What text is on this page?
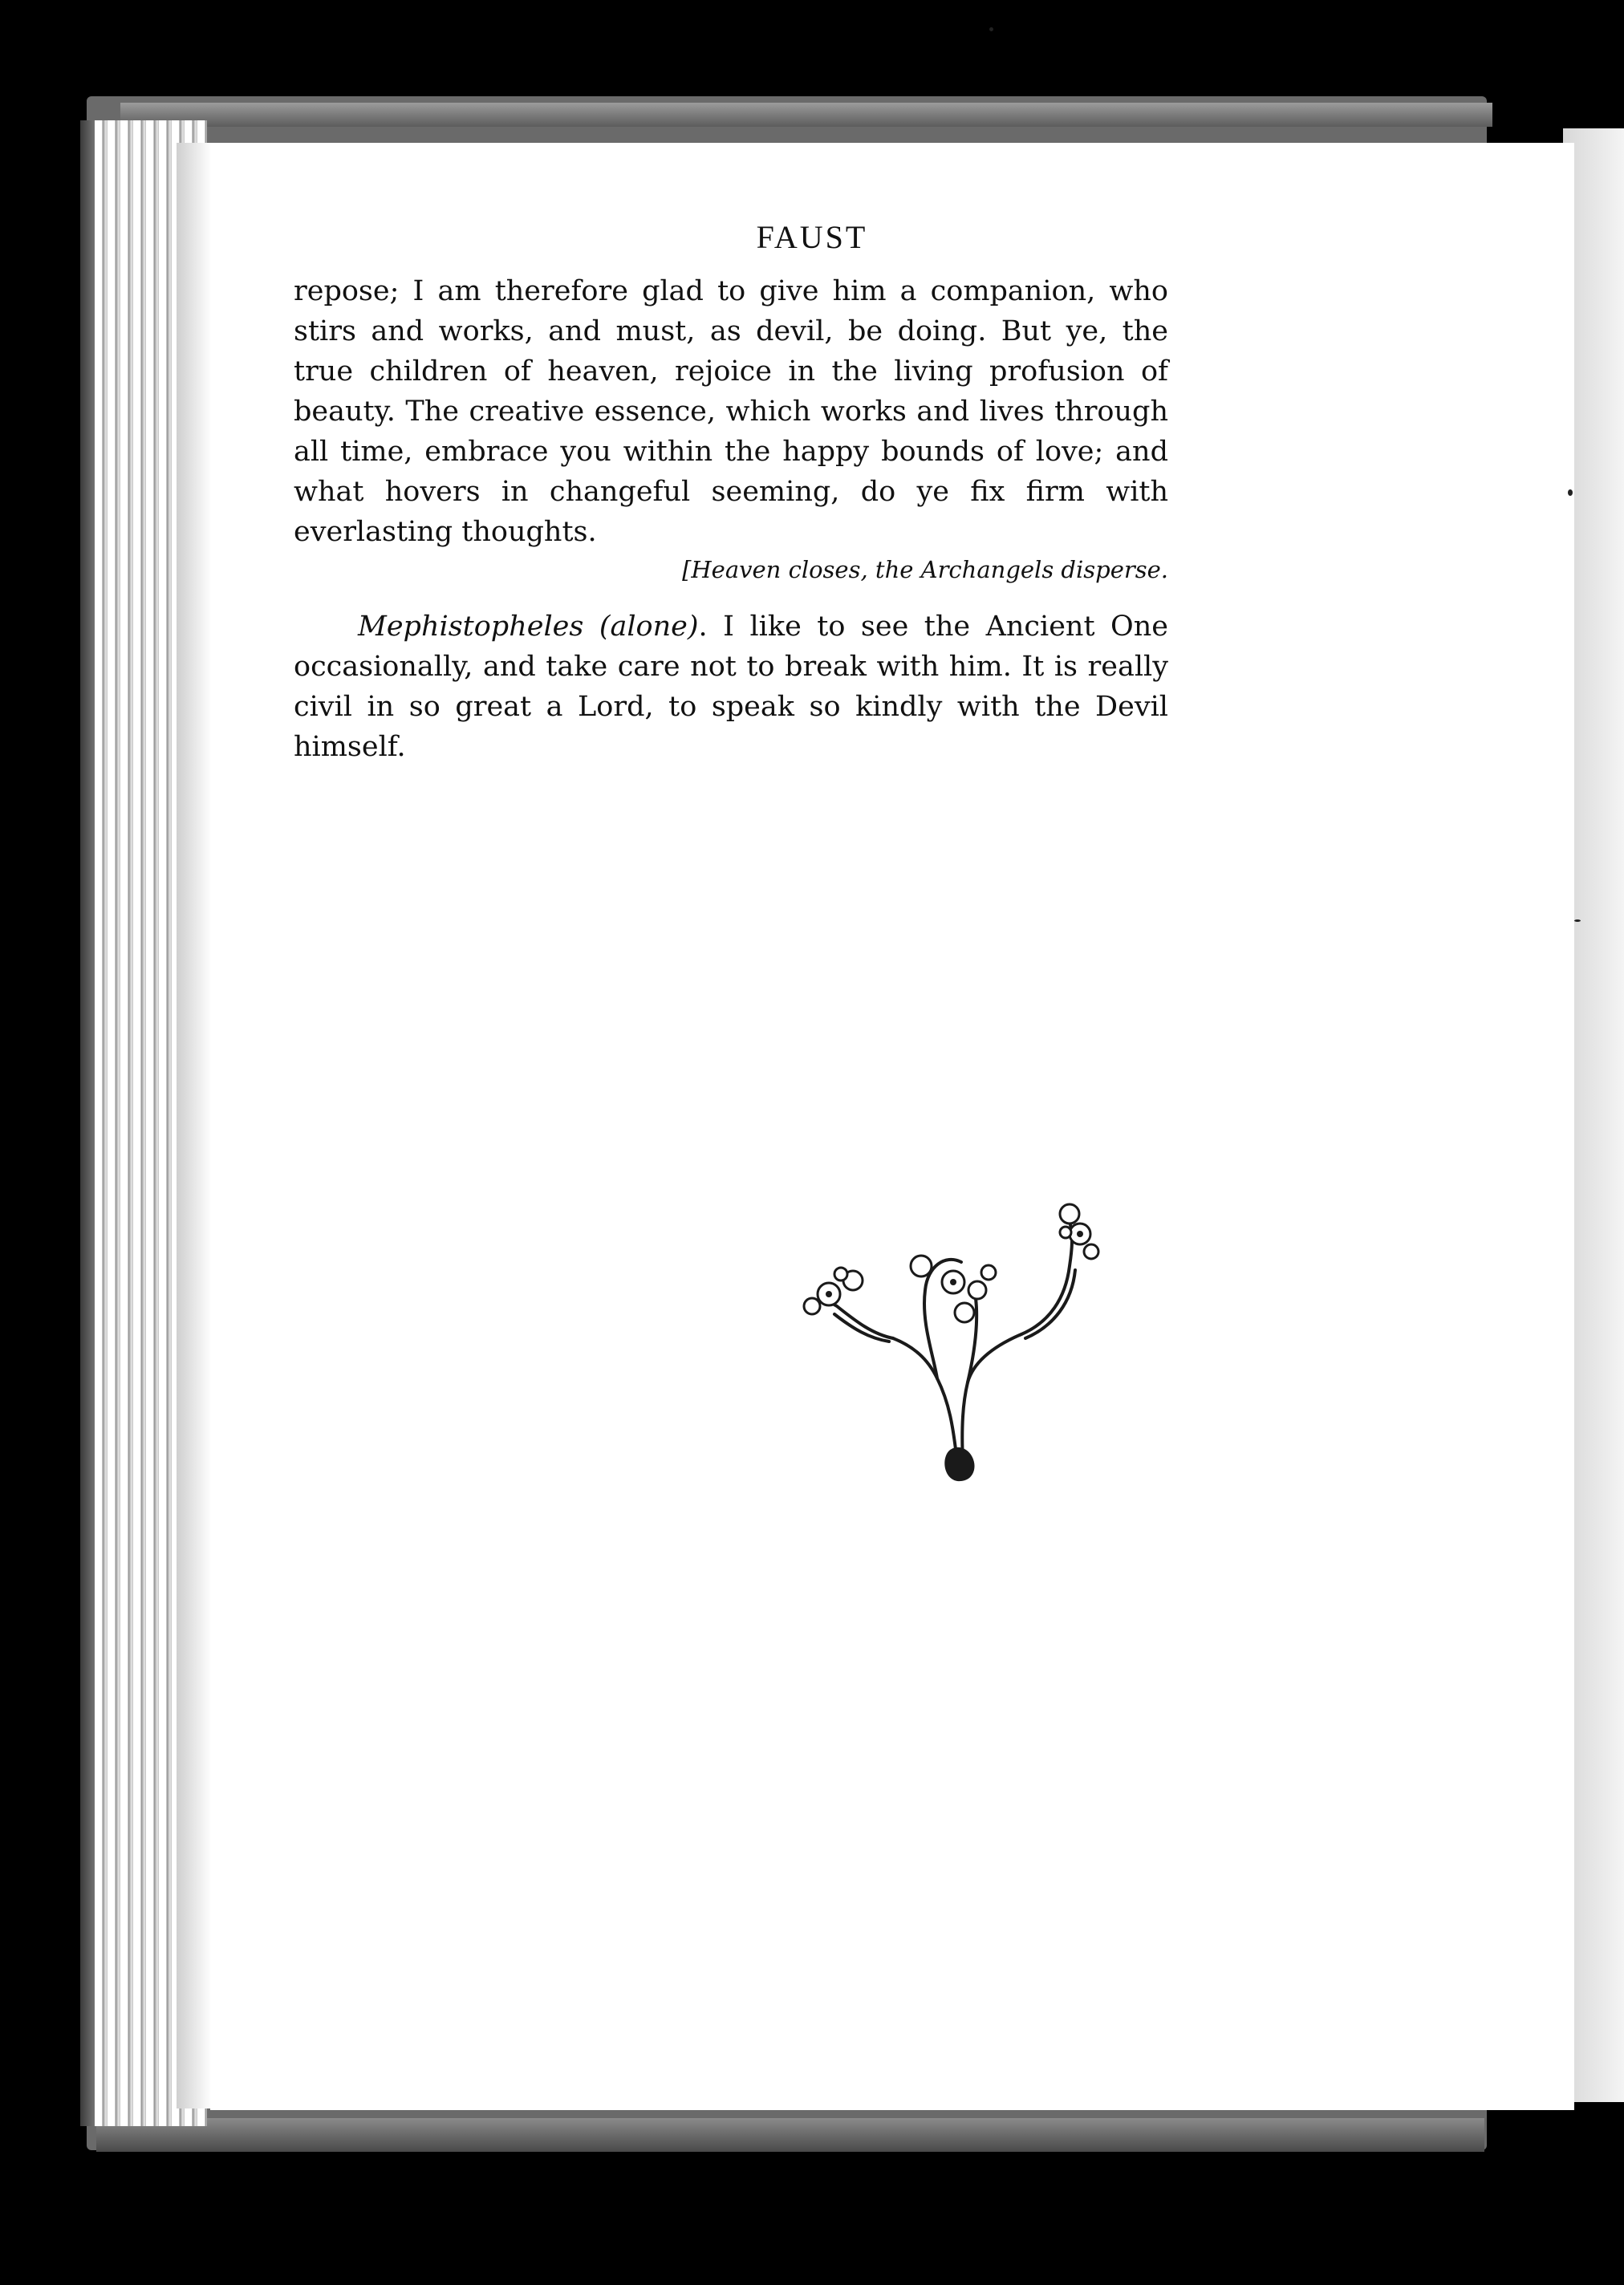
FAUST

repose; I am therefore glad to give him a companion, who stirs and works, and must, as devil, be doing. But ye, the true children of heaven, rejoice in the living profusion of beauty. The creative essence, which works and lives through all time, embrace you within the happy bounds of love; and what hovers in changeful seeming, do ye fix firm with everlasting thoughts.

[Heaven closes, the Archangels disperse.

Mephistopheles (alone). I like to see the Ancient One occasionally, and take care not to break with him. It is really civil in so great a Lord, to speak so kindly with the Devil himself.
